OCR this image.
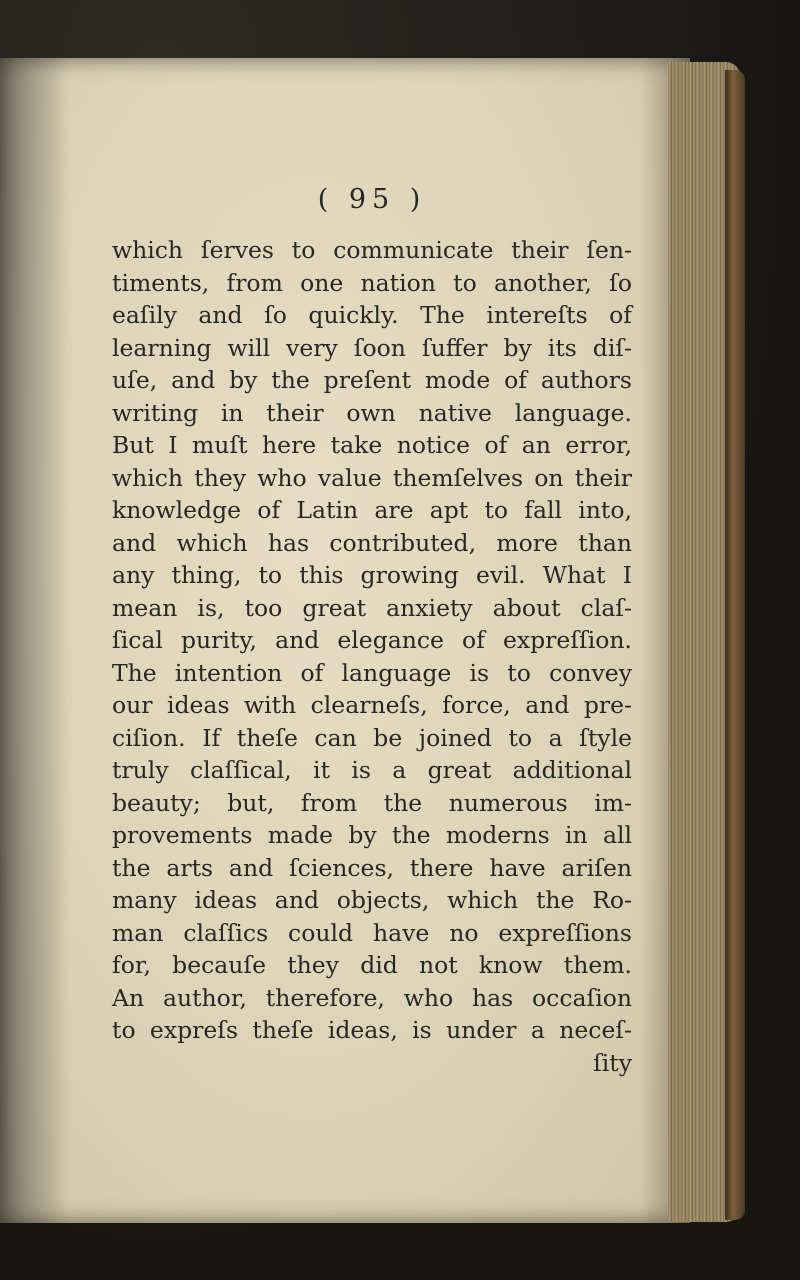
( 95 )
which ſerves to communicate their ſen-
timents, from one nation to another, ſo
eaſily and ſo quickly. The intereſts of
learning will very ſoon ſuffer by its diſ-
uſe, and by the preſent mode of authors
writing in their own native language.
But I muſt here take notice of an error,
which they who value themſelves on their
knowledge of Latin are apt to fall into,
and which has contributed, more than
any thing, to this growing evil. What I
mean is, too great anxiety about claſ-
ſical purity, and elegance of expreſſion.
The intention of language is to convey
our ideas with clearneſs, force, and pre-
ciſion. If theſe can be joined to a ſtyle
truly claſſical, it is a great additional
beauty; but, from the numerous im-
provements made by the moderns in all
the arts and ſciences, there have ariſen
many ideas and objects, which the Ro-
man claſſics could have no expreſſions
for, becauſe they did not know them.
An author, therefore, who has occaſion
to expreſs theſe ideas, is under a neceſ-
ſity
